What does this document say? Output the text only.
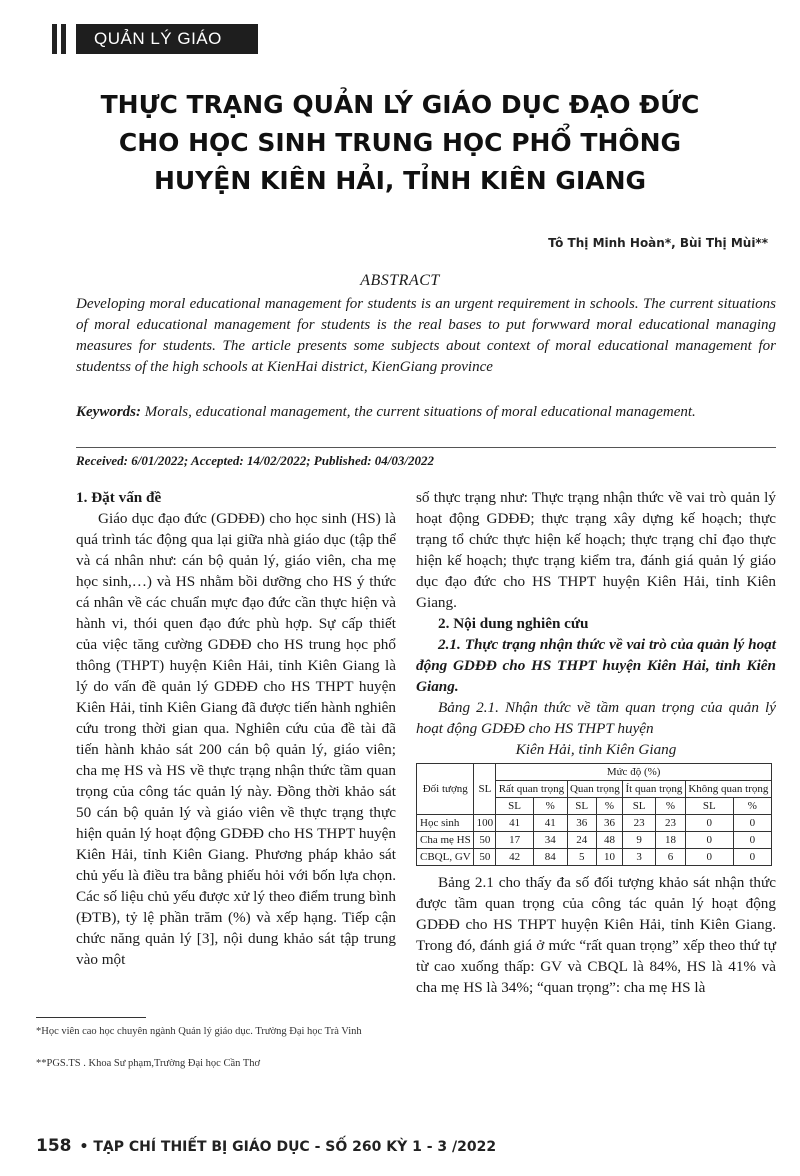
QUẢN LÝ GIÁO DỤC
THỰC TRẠNG QUẢN LÝ GIÁO DỤC ĐẠO ĐỨC
CHO HỌC SINH TRUNG HỌC PHỔ THÔNG
HUYỆN KIÊN HẢI, TỈNH KIÊN GIANG
Tô Thị Minh Hoàn*, Bùi Thị Mùi**
ABSTRACT
Developing moral educational management for students is an urgent requirement in schools. The current situations of moral educational management for students is the real bases to put forwward moral educational managing measures for students. The article presents some subjects about context of moral educational management for studentss of the high schools at KienHai district, KienGiang province
Keywords: Morals, educational management, the current situations of moral educational management.
Received: 6/01/2022; Accepted: 14/02/2022; Published: 04/03/2022

1. Đặt vấn đề

Giáo dục đạo đức (GDĐĐ) cho học sinh (HS) là quá trình tác động qua lại giữa nhà giáo dục (tập thể và cá nhân như: cán bộ quản lý, giáo viên, cha mẹ học sinh,…) và HS nhằm bồi dưỡng cho HS ý thức cá nhân về các chuẩn mực đạo đức cần thực hiện và hành vi, thói quen đạo đức phù hợp. Sự cấp thiết của việc tăng cường GDĐĐ cho HS trung học phổ thông (THPT) huyện Kiên Hải, tỉnh Kiên Giang là lý do vấn đề quản lý GDĐĐ cho HS THPT huyện Kiên Hải, tỉnh Kiên Giang đã được tiến hành nghiên cứu trong thời gian qua. Nghiên cứu của đề tài đã tiến hành khảo sát 200 cán bộ quản lý, giáo viên; cha mẹ HS và HS về thực trạng nhận thức tầm quan trọng của công tác quản lý này. Đồng thời khảo sát 50 cán bộ quản lý và giáo viên về thực trạng thực hiện quản lý hoạt động GDĐĐ cho HS THPT huyện Kiên Hải, tỉnh Kiên Giang. Phương pháp khảo sát chủ yếu là điều tra bằng phiếu hỏi với bốn lựa chọn. Các số liệu chủ yếu được xử lý theo điểm trung bình (ĐTB), tỷ lệ phần trăm (%) và xếp hạng. Tiếp cận chức năng quản lý [3], nội dung khảo sát tập trung vào một

số thực trạng như: Thực trạng nhận thức về vai trò quản lý hoạt động GDĐĐ; thực trạng xây dựng kế hoạch; thực trạng tổ chức thực hiện kế hoạch; thực trạng chỉ đạo thực hiện kế hoạch; thực trạng kiểm tra, đánh giá quản lý giáo dục đạo đức cho HS THPT huyện Kiên Hải, tỉnh Kiên Giang.

2. Nội dung nghiên cứu

2.1. Thực trạng nhận thức về vai trò của quản lý hoạt động GDĐĐ cho HS THPT huyện Kiên Hải, tỉnh Kiên Giang.

Bảng 2.1. Nhận thức về tầm quan trọng của quản lý hoạt động GDĐĐ cho HS THPT huyện

Kiên Hải, tỉnh Kiên Giang

Đối tượng	SL	Mức độ (%)							
		Rất quan trọng		Quan trọng		Ít quan trọng		Không quan trọng	
		SL	%	SL	%	SL	%	SL	%
Học sinh	100	41	41	36	36	23	23	0	0
Cha mẹ HS	50	17	34	24	48	9	18	0	0
CBQL, GV	50	42	84	5	10	3	6	0	0

Bảng 2.1 cho thấy đa số đối tượng khảo sát nhận thức được tầm quan trọng của công tác quản lý hoạt động GDĐĐ cho HS THPT huyện Kiên Hải, tỉnh Kiên Giang. Trong đó, đánh giá ở mức “rất quan trọng” xếp theo thứ tự từ cao xuống thấp: GV và CBQL là 84%, HS là 41% và cha mẹ HS là 34%; “quan trọng”: cha mẹ HS là

*Học viên cao học chuyên ngành Quản lý giáo dục. Trường Đại học Trà Vinh
**PGS.TS . Khoa Sư phạm,Trường Đại học Cần Thơ
158 • TẠP CHÍ THIẾT BỊ GIÁO DỤC - SỐ 260 KỲ 1 - 3 /2022
